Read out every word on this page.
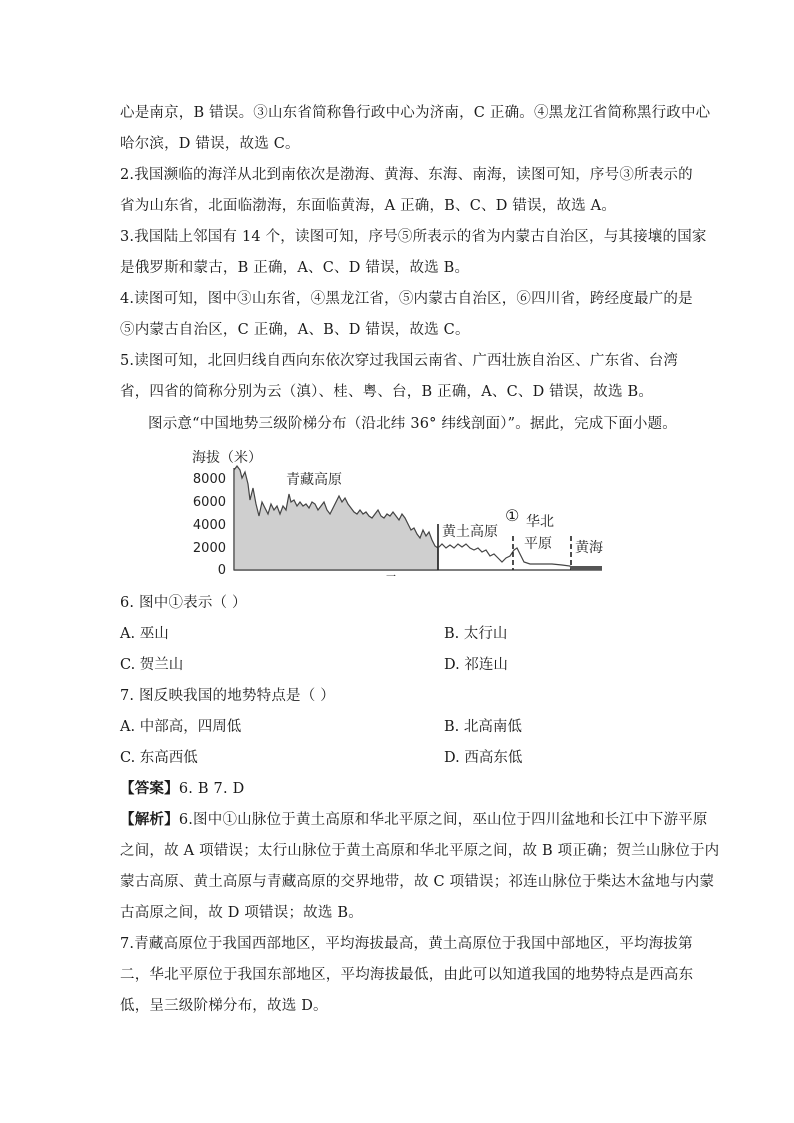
心是南京，B 错误。③山东省简称鲁行政中心为济南，C 正确。④黑龙江省简称黑行政中心
哈尔滨，D 错误，故选 C。
2.我国濒临的海洋从北到南依次是渤海、黄海、东海、南海，读图可知，序号③所表示的
省为山东省，北面临渤海，东面临黄海，A 正确，B、C、D 错误，故选 A。
3.我国陆上邻国有 14 个，读图可知，序号⑤所表示的省为内蒙古自治区，与其接壤的国家
是俄罗斯和蒙古，B 正确，A、C、D 错误，故选 B。
4.读图可知，图中③山东省，④黑龙江省，⑤内蒙古自治区，⑥四川省，跨经度最广的是
⑤内蒙古自治区，C 正确，A、B、D 错误，故选 C。
5.读图可知，北回归线自西向东依次穿过我国云南省、广西壮族自治区、广东省、台湾
省，四省的简称分别为云（滇）、桂、粤、台，B 正确，A、C、D 错误，故选 B。
图示意“中国地势三级阶梯分布（沿北纬 36° 纬线剖面）”。据此，完成下面小题。
海拔（米）
8000
6000
4000
2000
0
青藏高原
黄土高原
① 华北
平原 黄海
一
6. 图中①表示（ ）
A. 巫山	B. 太行山
C. 贺兰山	D. 祁连山
7. 图反映我国的地势特点是（ ）
A. 中部高，四周低	B. 北高南低
C. 东高西低	D. 西高东低
【答案】6. B 7. D
【解析】6.图中①山脉位于黄土高原和华北平原之间，巫山位于四川盆地和长江中下游平原
之间，故 A 项错误；太行山脉位于黄土高原和华北平原之间，故 B 项正确；贺兰山脉位于内
蒙古高原、黄土高原与青藏高原的交界地带，故 C 项错误；祁连山脉位于柴达木盆地与内蒙
古高原之间，故 D 项错误；故选 B。
7.青藏高原位于我国西部地区，平均海拔最高，黄土高原位于我国中部地区，平均海拔第
二，华北平原位于我国东部地区，平均海拔最低，由此可以知道我国的地势特点是西高东
低，呈三级阶梯分布，故选 D。
